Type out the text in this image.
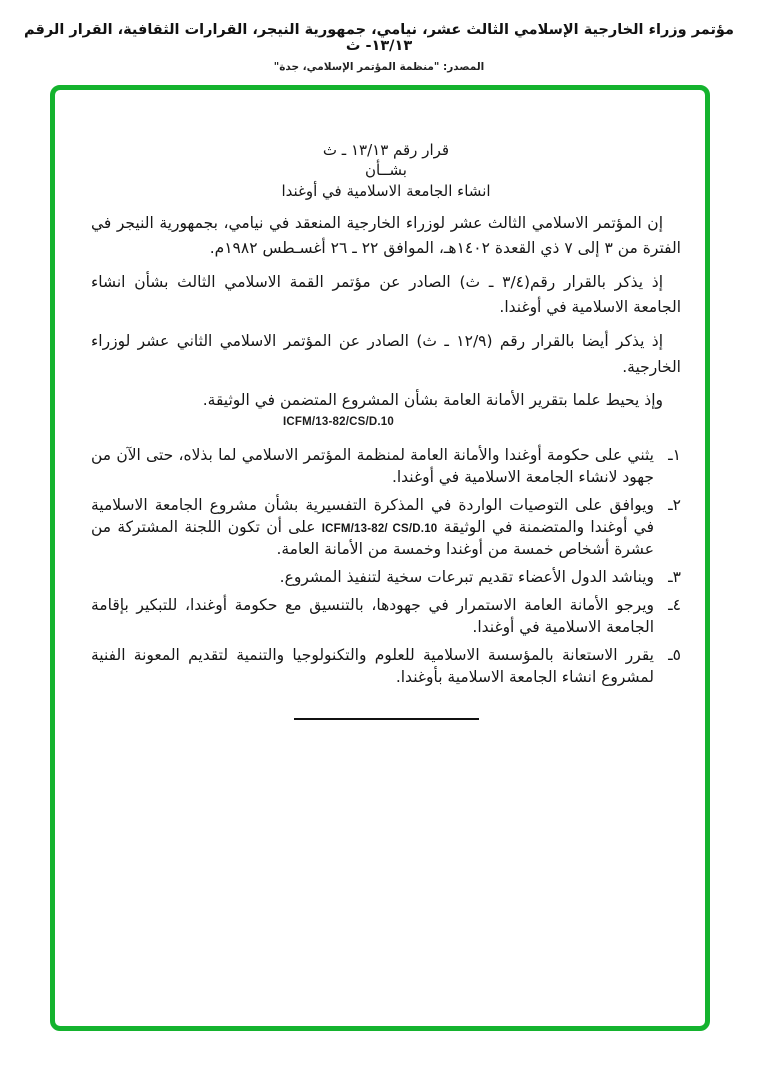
مؤتمر وزراء الخارجية الإسلامي الثالث عشر، نيامي، جمهورية النيجر، القرارات الثقافية، القرار الرقم ١٣/١٣- ث
المصدر: "منظمة المؤتمر الإسلامي، جدة"
قرار رقم ١٣/١٣ ـ ث
بشــأن
انشاء الجامعة الاسلامية في أوغندا

إن المؤتمر الاسلامي الثالث عشر لوزراء الخارجية المنعقد في نيامي، بجمهورية النيجر في الفترة من ٣ إلى ٧ ذي القعدة ١٤٠٢هـ، الموافق ٢٢ ـ ٢٦ أغسـطس ١٩٨٢م.

إذ يذكر بالقرار رقم(٣/٤ ـ ث) الصادر عن مؤتمر القمة الاسلامي الثالث بشأن انشاء الجامعة الاسلامية في أوغندا.

إذ يذكر أيضا بالقرار رقم (١٢/٩ ـ ث) الصادر عن المؤتمر الاسلامي الثاني عشر لوزراء الخارجية.

وإذ يحيط علما بتقرير الأمانة العامة بشأن المشروع المتضمن في الوثيقة.

ICFM/13-82/CS/D.10
١ـ
يثني على حكومة أوغندا والأمانة العامة لمنظمة المؤتمر الاسلامي لما بذلاه، حتى الآن من جهود لانشاء الجامعة الاسلامية في أوغندا.
٢ـ
ويوافق على التوصيات الواردة في المذكرة التفسيرية بشأن مشروع الجامعة الاسلامية في أوغندا والمتضمنة في الوثيقة ICFM/13-82/ CS/D.10 على أن تكون اللجنة المشتركة من عشرة أشخاص خمسة من أوغندا وخمسة من الأمانة العامة.
٣ـ
ويناشد الدول الأعضاء تقديم تبرعات سخية لتنفيذ المشروع.
٤ـ
ويرجو الأمانة العامة الاستمرار في جهودها، بالتنسيق مع حكومة أوغندا، للتبكير بإقامة الجامعة الاسلامية في أوغندا.
٥ـ
يقرر الاستعانة بالمؤسسة الاسلامية للعلوم والتكنولوجيا والتنمية لتقديم المعونة الفنية لمشروع انشاء الجامعة الاسلامية بأوغندا.
